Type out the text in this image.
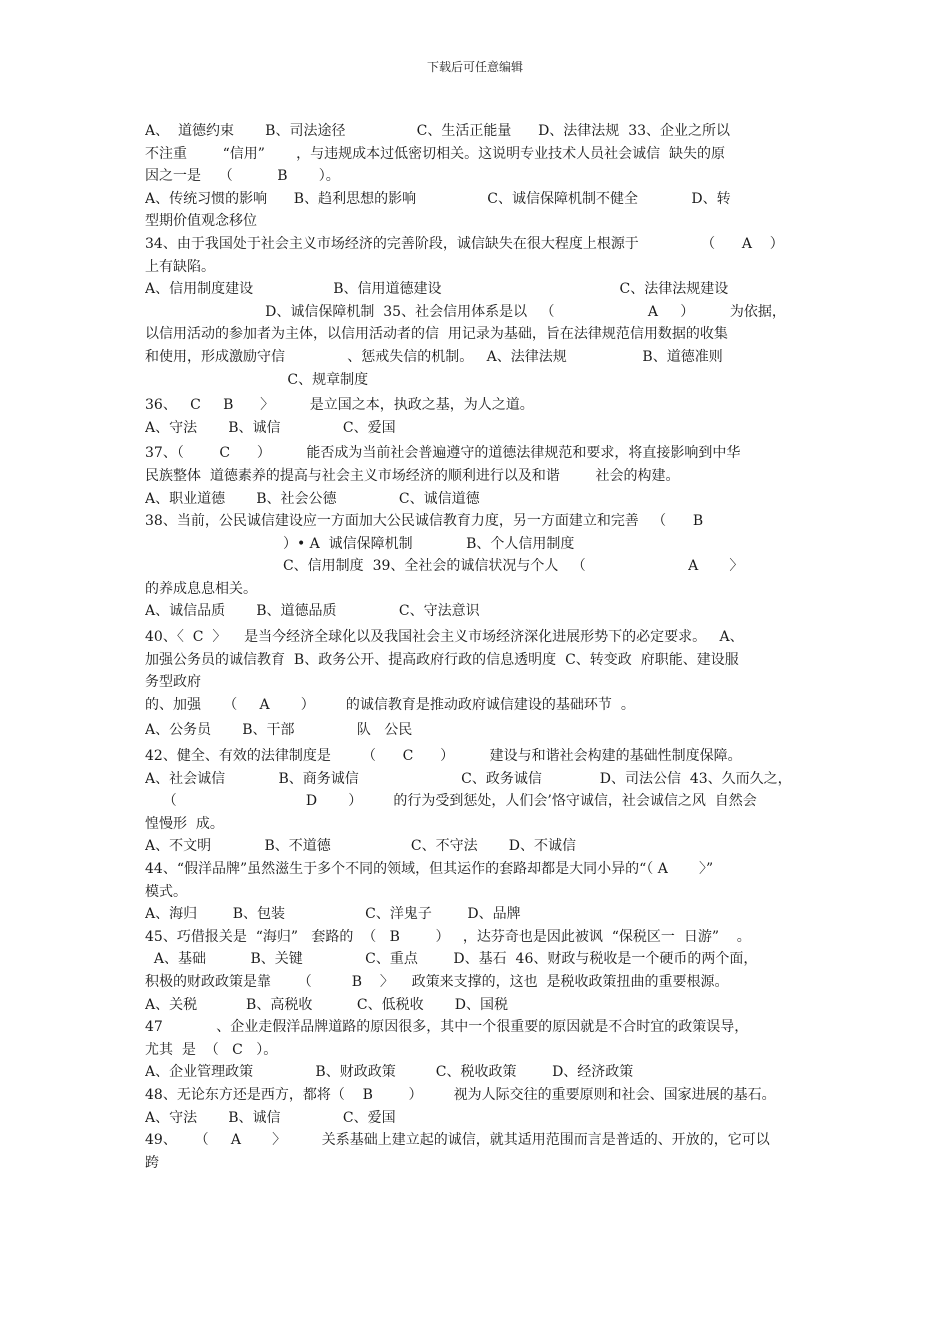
下载后可任意编辑
A、  道德约束       B、司法途径                C、生活正能量      D、法律法规  33、企业之所以
不注重        “信用”       ，与违规成本过低密切相关。这说明专业技术人员社会诚信  缺失的原
因之一是    （          B       ）。
A、传统习惯的影响      B、趋利思想的影响                C、诚信保障机制不健全            D、转
型期价值观念移位
34、由于我国处于社会主义市场经济的完善阶段，诚信缺失在很大程度上根源于              （      A    ）
上有缺陷。
A、信用制度建设                  B、信用道德建设                                        C、法律法规建设
D、诚信保障机制  35、社会信用体系是以   （                     A     ）        为依据，
以信用活动的参加者为主体，以信用活动者的信  用记录为基础，旨在法律规范信用数据的收集
和使用，形成激励守信              、惩戒失信的机制。   A、法律法规                 B、道德准则
C、规章制度
36、   C     B      〉        是立国之本，执政之基，为人之道。
A、守法       B、诚信              C、爱国
37、（        C      ）        能否成为当前社会普遍遵守的道德法律规范和要求，将直接影响到中华
民族整体  道德素养的提高与社会主义市场经济的顺利进行以及和谐        社会的构建。
A、职业道德       B、社会公德              C、诚信道德
38、当前，公民诚信建设应一方面加大公民诚信教育力度，另一方面建立和完善   （      B
）• A  诚信保障机制            B、个人信用制度
C、信用制度  39、全社会的诚信状况与个人   （                       A       〉
的养成息息相关。
A、诚信品质       B、道德品质              C、守法意识
40、〈  C  〉    是当今经济全球化以及我国社会主义市场经济深化进展形势下的必定要求。   A、
加强公务员的诚信教育  B、政务公开、提高政府行政的信息透明度  C、转变政  府职能、建设服
务型政府
的、加强     （     A       ）       的诚信教育是推动政府诚信建设的基础环节  。
A、公务员       B、干部              队   公民
42、健全、有效的法律制度是       （      C      ）        建设与和谐社会构建的基础性制度保障。
A、社会诚信            B、商务诚信                       C、政务诚信             D、司法公信  43、久而久之，
（                             D       ）       的行为受到惩处，人们会’恪守诚信，社会诚信之风  自然会
惶慢形  成。
A、不文明            B、不道德                  C、不守法       D、不诚信
44、“假洋品牌”虽然滋生于多个不同的领域，但其运作的套路却都是大同小异的“（ A       〉”
模式。
A、海归        B、包装                  C、洋鬼子        D、品牌
45、巧借报关是  “海归”   套路的  （   B        ）   ，达芬奇也是因此被讽  “保税区一  日游”    。
A、基础          B、关键              C、重点        D、基石  46、财政与税收是一个硬币的两个面，
积极的财政政策是靠      （         B    〉    政策来支撑的，这也  是税收政策扭曲的重要根源。
A、关税           B、高税收          C、低税收       D、国税
47            、企业走假洋品牌道路的原因很多，其中一个很重要的原因就是不合时宜的政策误导，
尤其  是  （   C   ）。
A、企业管理政策              B、财政政策         C、税收政策        D、经济政策
48、无论东方还是西方，都将（    B        ）       视为人际交往的重要原则和社会、国家进展的基石。
A、守法       B、诚信              C、爱国
49、    （     A       〉        关系基础上建立起的诚信，就其适用范围而言是普适的、开放的，它可以
跨
